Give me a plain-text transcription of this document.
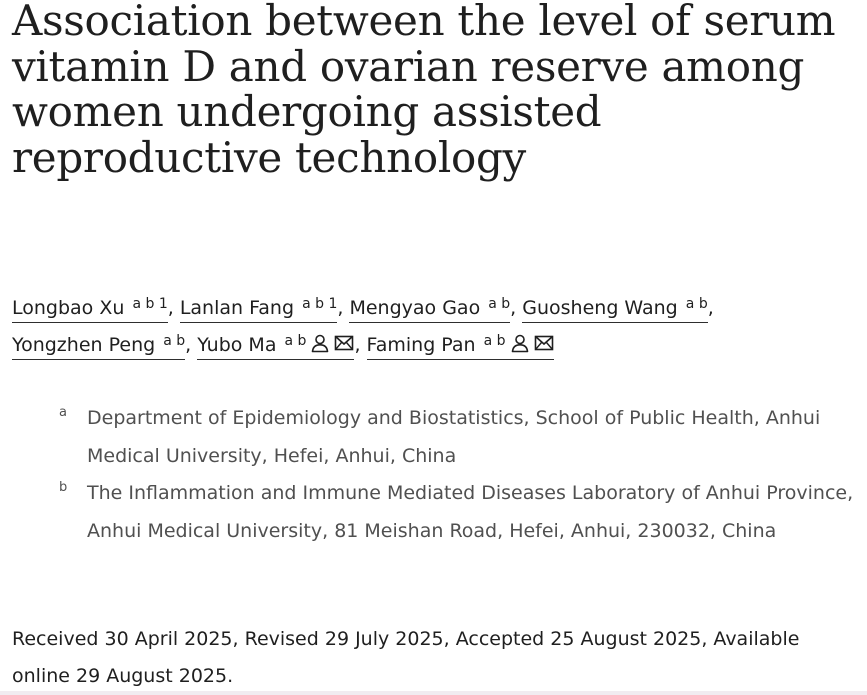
Association between the level of serum vitamin D and ovarian reserve among women undergoing assisted reproductive technology
Longbao Xu $^{a b 1}$, Lanlan Fang $^{a b 1}$, Mengyao Gao $^{a b}$, Guosheng Wang $^{a b}$,
Yongzhen Peng $^{a b}$, Yubo Ma $^{a b}$	, Faming Pan $^{a b}$
a Department of Epidemiology and Biostatistics, School of Public Health, Anhui Medical University, Hefei, Anhui, China
b The Inflammation and Immune Mediated Diseases Laboratory of Anhui Province, Anhui Medical University, 81 Meishan Road, Hefei, Anhui, 230032, China
Received 30 April 2025, Revised 29 July 2025, Accepted 25 August 2025, Available online 29 August 2025.
